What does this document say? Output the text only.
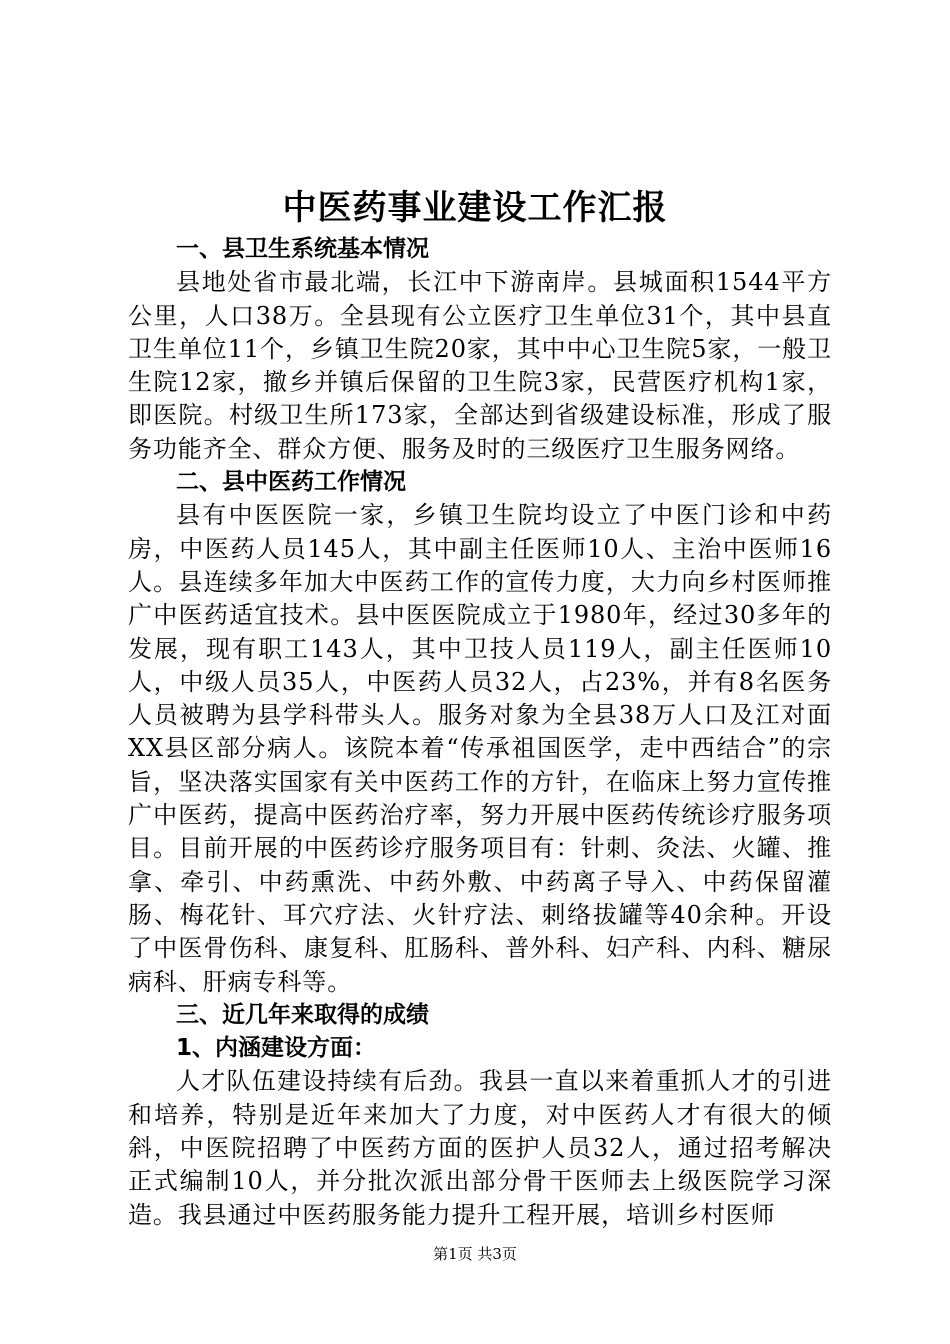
中医药事业建设工作汇报

一、县卫生系统基本情况

县地处省市最北端，长江中下游南岸。县城面积1544平方公里，人口38万。全县现有公立医疗卫生单位31个，其中县直卫生单位11个，乡镇卫生院20家，其中中心卫生院5家，一般卫生院12家，撤乡并镇后保留的卫生院3家，民营医疗机构1家，即医院。村级卫生所173家，全部达到省级建设标准，形成了服务功能齐全、群众方便、服务及时的三级医疗卫生服务网络。

二、县中医药工作情况

县有中医医院一家，乡镇卫生院均设立了中医门诊和中药房，中医药人员145人，其中副主任医师10人、主治中医师16人。县连续多年加大中医药工作的宣传力度，大力向乡村医师推广中医药适宜技术。县中医医院成立于1980年，经过30多年的发展，现有职工143人，其中卫技人员119人，副主任医师10人，中级人员35人，中医药人员32人，占23%，并有8名医务人员被聘为县学科带头人。服务对象为全县38万人口及江对面XX县区部分病人。该院本着“传承祖国医学，走中西结合”的宗旨，坚决落实国家有关中医药工作的方针，在临床上努力宣传推广中医药，提高中医药治疗率，努力开展中医药传统诊疗服务项目。目前开展的中医药诊疗服务项目有：针刺、灸法、火罐、推拿、牵引、中药熏洗、中药外敷、中药离子导入、中药保留灌肠、梅花针、耳穴疗法、火针疗法、刺络拔罐等40余种。开设了中医骨伤科、康复科、肛肠科、普外科、妇产科、内科、糖尿病科、肝病专科等。

三、近几年来取得的成绩

1、内涵建设方面：

人才队伍建设持续有后劲。我县一直以来着重抓人才的引进和培养，特别是近年来加大了力度，对中医药人才有很大的倾斜，中医院招聘了中医药方面的医护人员32人，通过招考解决正式编制10人，并分批次派出部分骨干医师去上级医院学习深造。我县通过中医药服务能力提升工程开展，培训乡村医师

第1页 共3页
